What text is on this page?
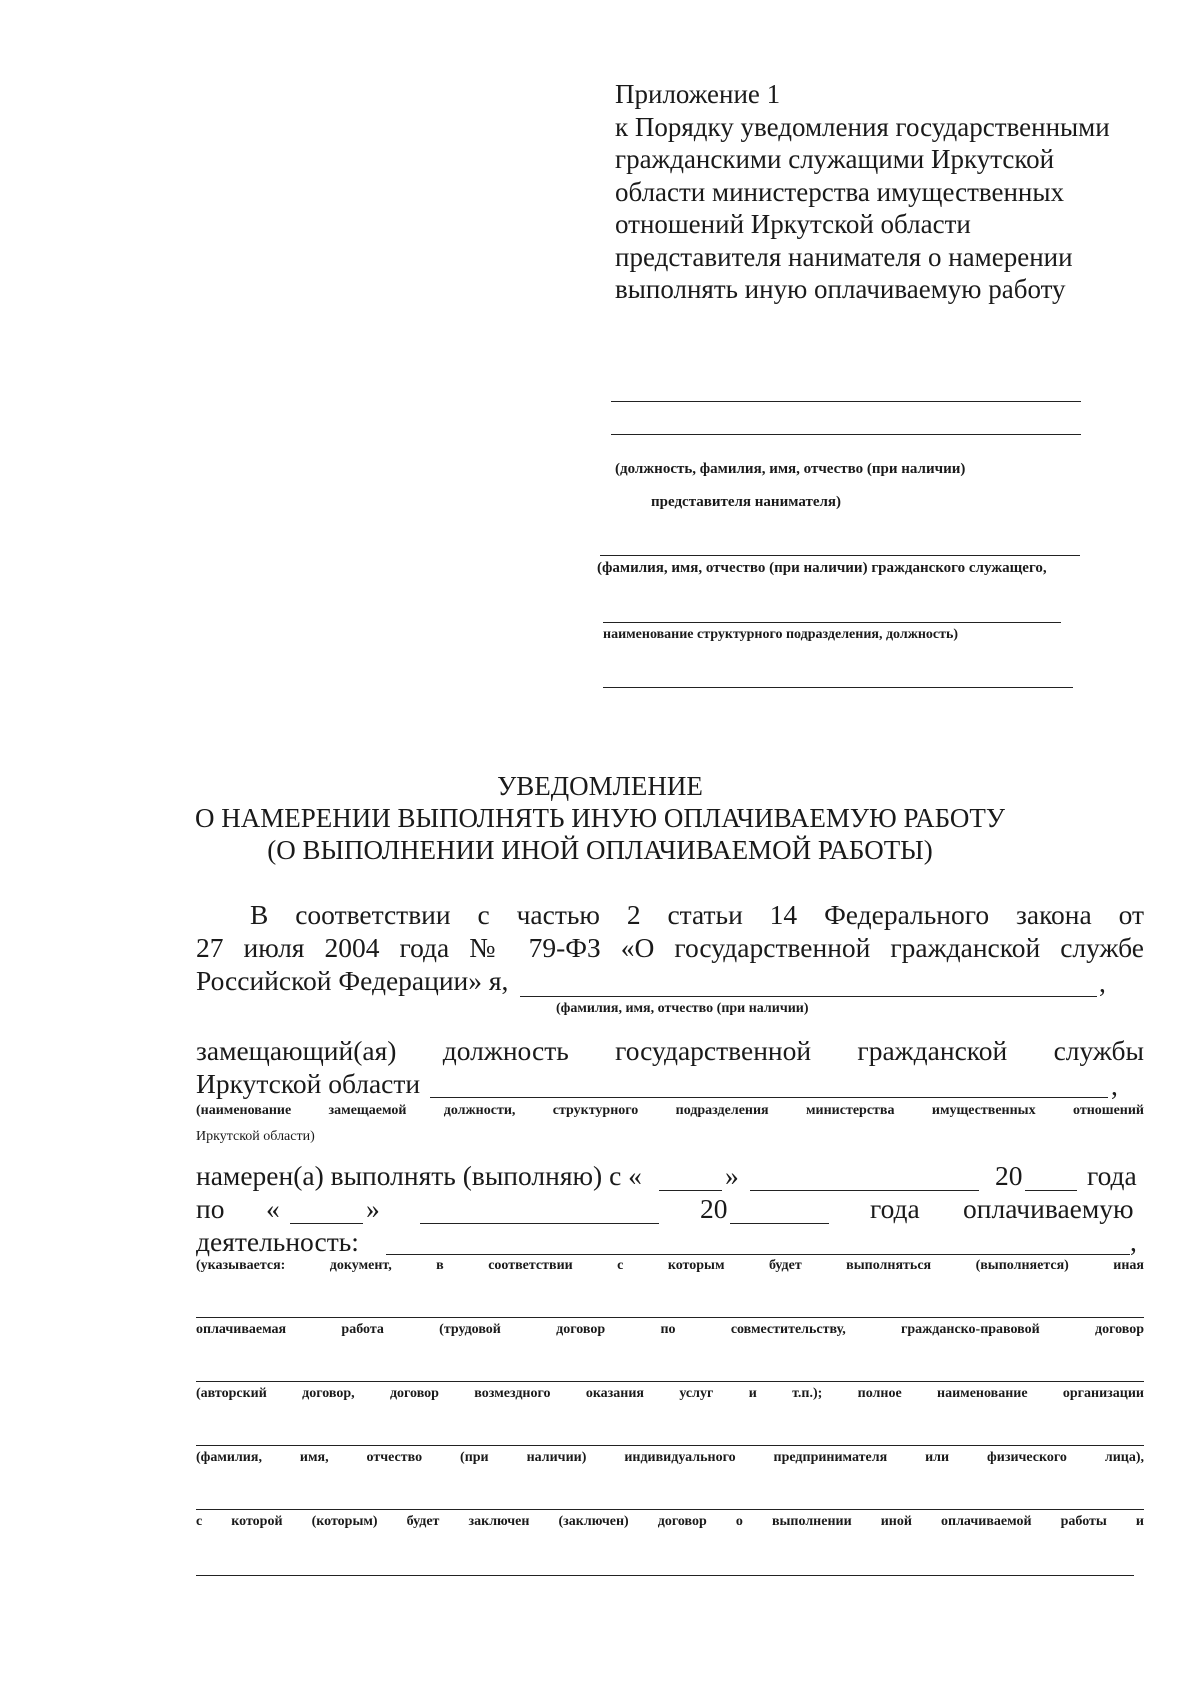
Приложение 1
к Порядку уведомления государственными
гражданскими служащими Иркутской
области министерства имущественных
отношений Иркутской области
представителя нанимателя о намерении
выполнять иную оплачиваемую работу
(должность, фамилия, имя, отчество (при наличии)
представителя нанимателя)
(фамилия, имя, отчество (при наличии) гражданского служащего,
наименование структурного подразделения, должность)
УВЕДОМЛЕНИЕ
О НАМЕРЕНИИ ВЫПОЛНЯТЬ ИНУЮ ОПЛАЧИВАЕМУЮ РАБОТУ
(О ВЫПОЛНЕНИИ ИНОЙ ОПЛАЧИВАЕМОЙ РАБОТЫ)
В соответствии с частью 2 статьи 14 Федерального закона от
27 июля 2004 года № 79-ФЗ «О государственной гражданской службе
Российской Федерации» я,	,
(фамилия, имя, отчество (при наличии)
замещающий(ая) должность государственной гражданской службы
Иркутской области	,
(наименование замещаемой должности, структурного подразделения министерства имущественных отношений
Иркутской области)
намерен(а) выполнять (выполняю) с «	»	20 года
по «	»	20	года оплачиваемую
деятельность:	,
(указывается: документ, в соответствии с которым будет выполняться (выполняется) иная
оплачиваемая работа (трудовой договор по совместительству, гражданско-правовой договор
(авторский договор, договор возмездного оказания услуг и т.п.); полное наименование организации
(фамилия, имя, отчество (при наличии) индивидуального предпринимателя или физического лица),
с которой (которым) будет заключен (заключен) договор о выполнении иной оплачиваемой работы и
